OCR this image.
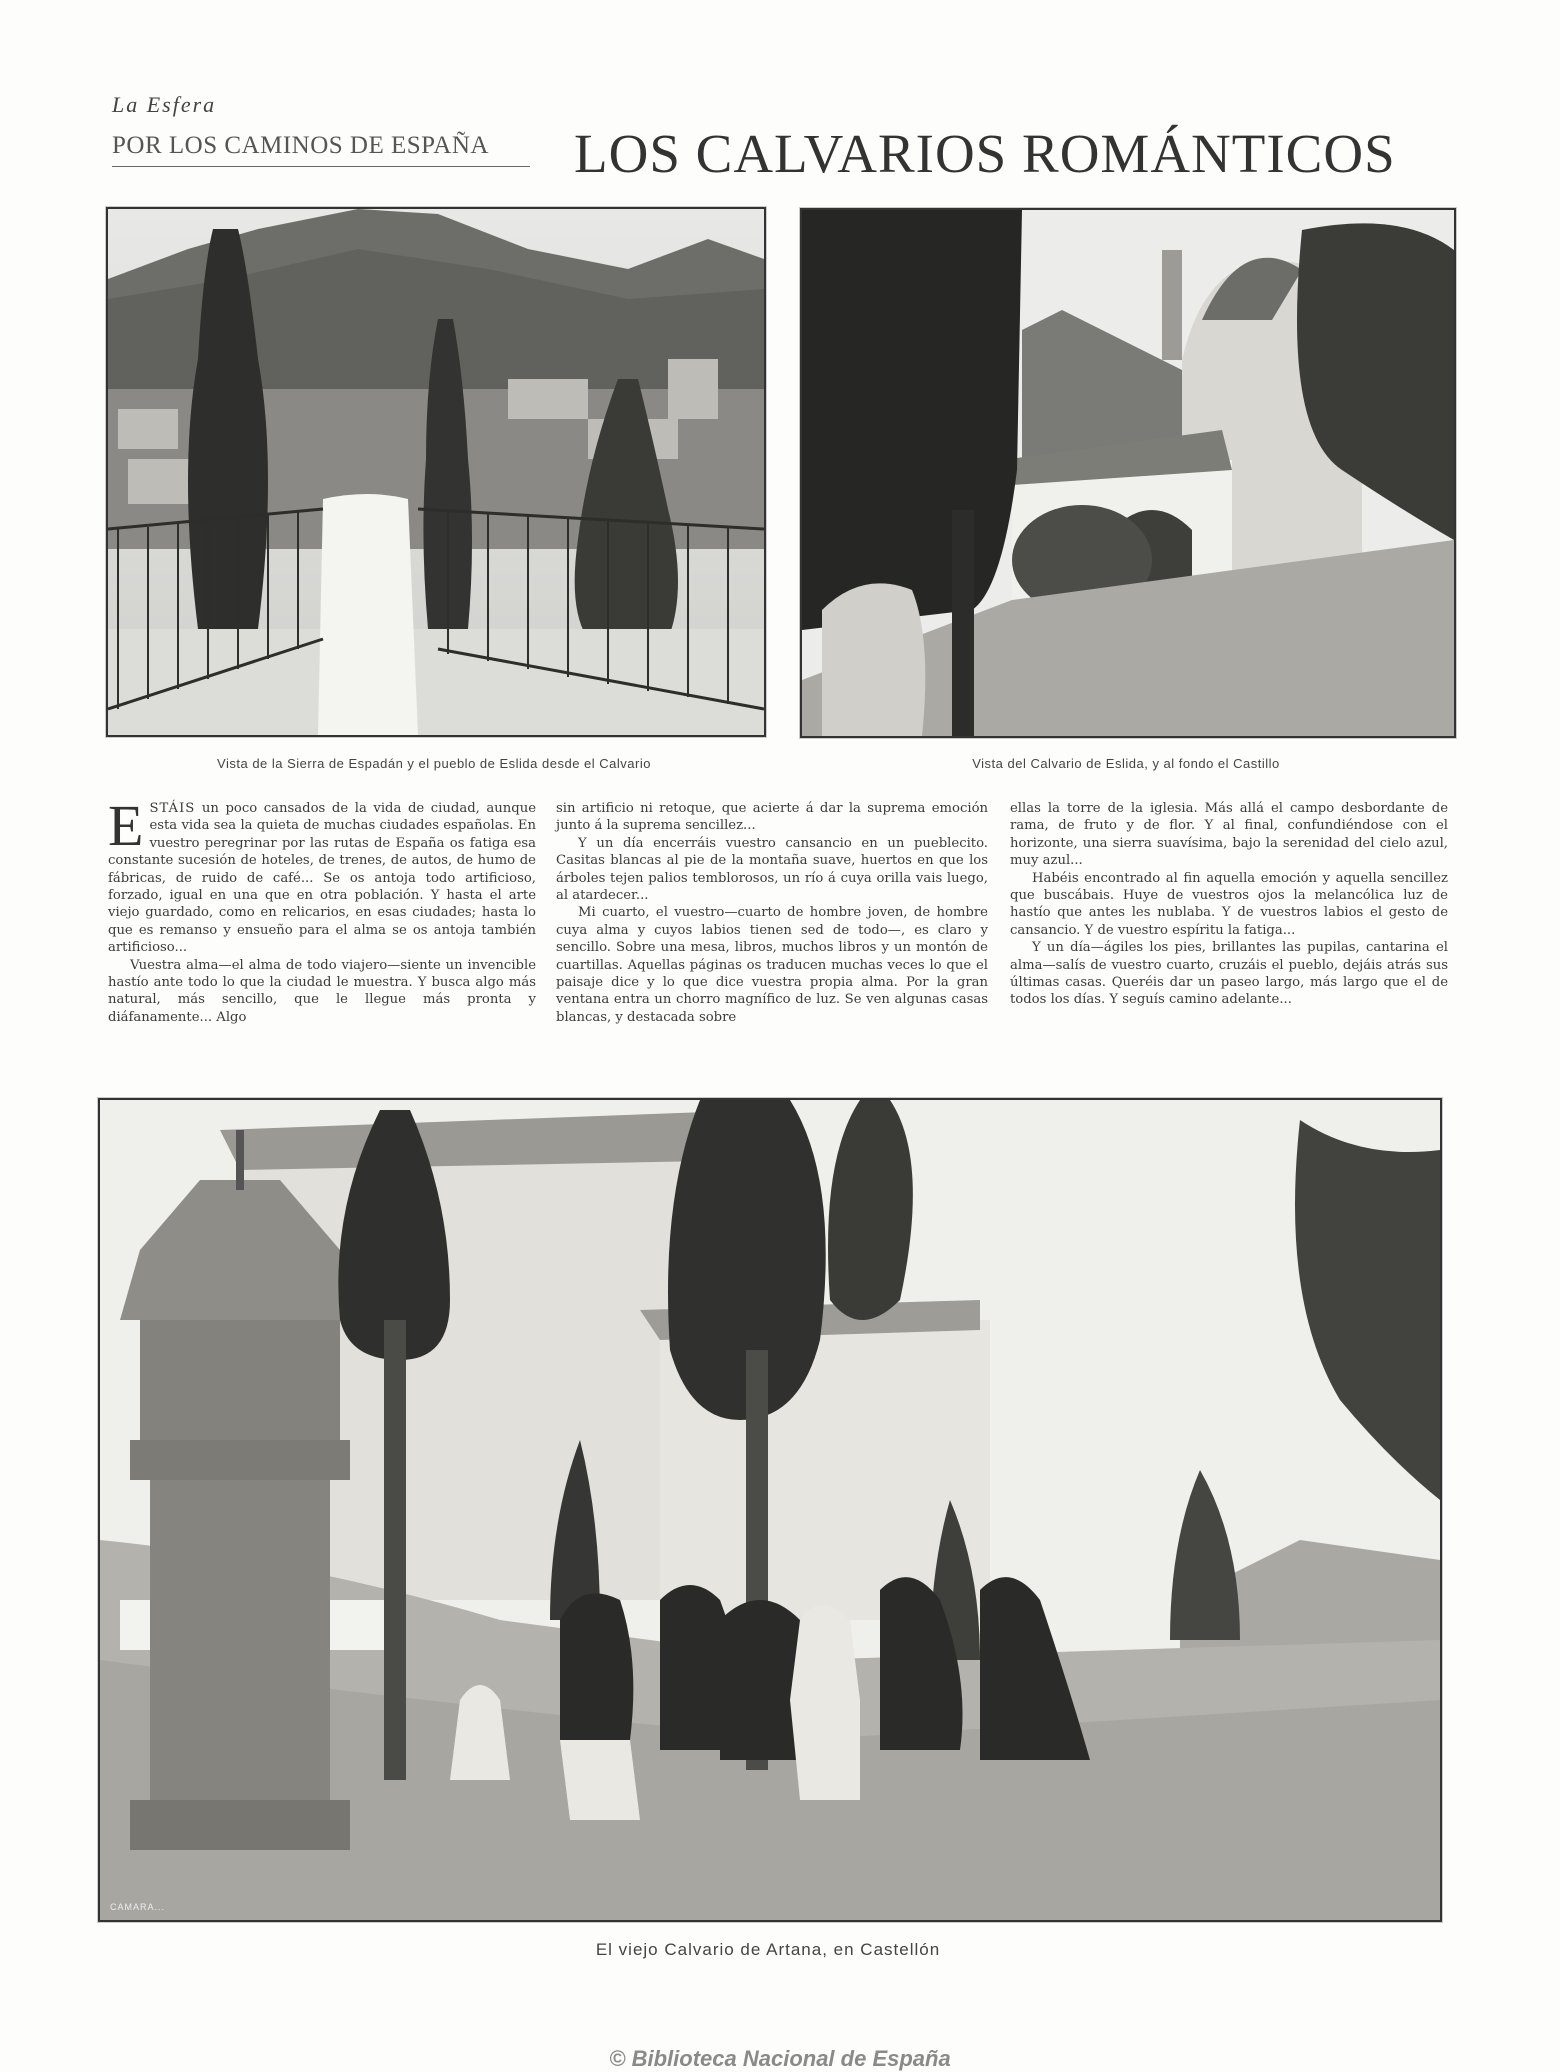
La Esfera
POR LOS CAMINOS DE ESPAÑA	LOS CALVARIOS ROMÁNTICOS
Vista de la Sierra de Espadán y el pueblo de Eslida desde el Calvario	Vista del Calvario de Eslida, y al fondo el Castillo

ESTÁIS un poco cansados de la vida de ciudad, aunque esta vida sea la quieta de muchas ciudades españolas. En vuestro peregrinar por las rutas de España os fatiga esa constante sucesión de hoteles, de trenes, de autos, de humo de fábricas, de ruido de café... Se os antoja todo artificioso, forzado, igual en una que en otra población. Y hasta el arte viejo guardado, como en relicarios, en esas ciudades; hasta lo que es remanso y ensueño para el alma se os antoja también artificioso...

Vuestra alma—el alma de todo viajero—siente un invencible hastío ante todo lo que la ciudad le muestra. Y busca algo más natural, más sencillo, que le llegue más pronta y diáfanamente... Algo

sin artificio ni retoque, que acierte á dar la suprema emoción junto á la suprema sencillez...

Y un día encerráis vuestro cansancio en un pueblecito. Casitas blancas al pie de la montaña suave, huertos en que los árboles tejen palios temblorosos, un río á cuya orilla vais luego, al atardecer...

Mi cuarto, el vuestro—cuarto de hombre joven, de hombre cuya alma y cuyos labios tienen sed de todo—, es claro y sencillo. Sobre una mesa, libros, muchos libros y un montón de cuartillas. Aquellas páginas os traducen muchas veces lo que el paisaje dice y lo que dice vuestra propia alma. Por la gran ventana entra un chorro magnífico de luz. Se ven algunas casas blancas, y destacada sobre

ellas la torre de la iglesia. Más allá el campo desbordante de rama, de fruto y de flor. Y al final, confundiéndose con el horizonte, una sierra suavísima, bajo la serenidad del cielo azul, muy azul...

Habéis encontrado al fin aquella emoción y aquella sencillez que buscábais. Huye de vuestros ojos la melancólica luz de hastío que antes les nublaba. Y de vuestros labios el gesto de cansancio. Y de vuestro espíritu la fatiga...

Y un día—ágiles los pies, brillantes las pupilas, cantarina el alma—salís de vuestro cuarto, cruzáis el pueblo, dejáis atrás sus últimas casas. Queréis dar un paseo largo, más largo que el de todos los días. Y seguís camino adelante...

CAMARA...
El viejo Calvario de Artana, en Castellón
© Biblioteca Nacional de España
